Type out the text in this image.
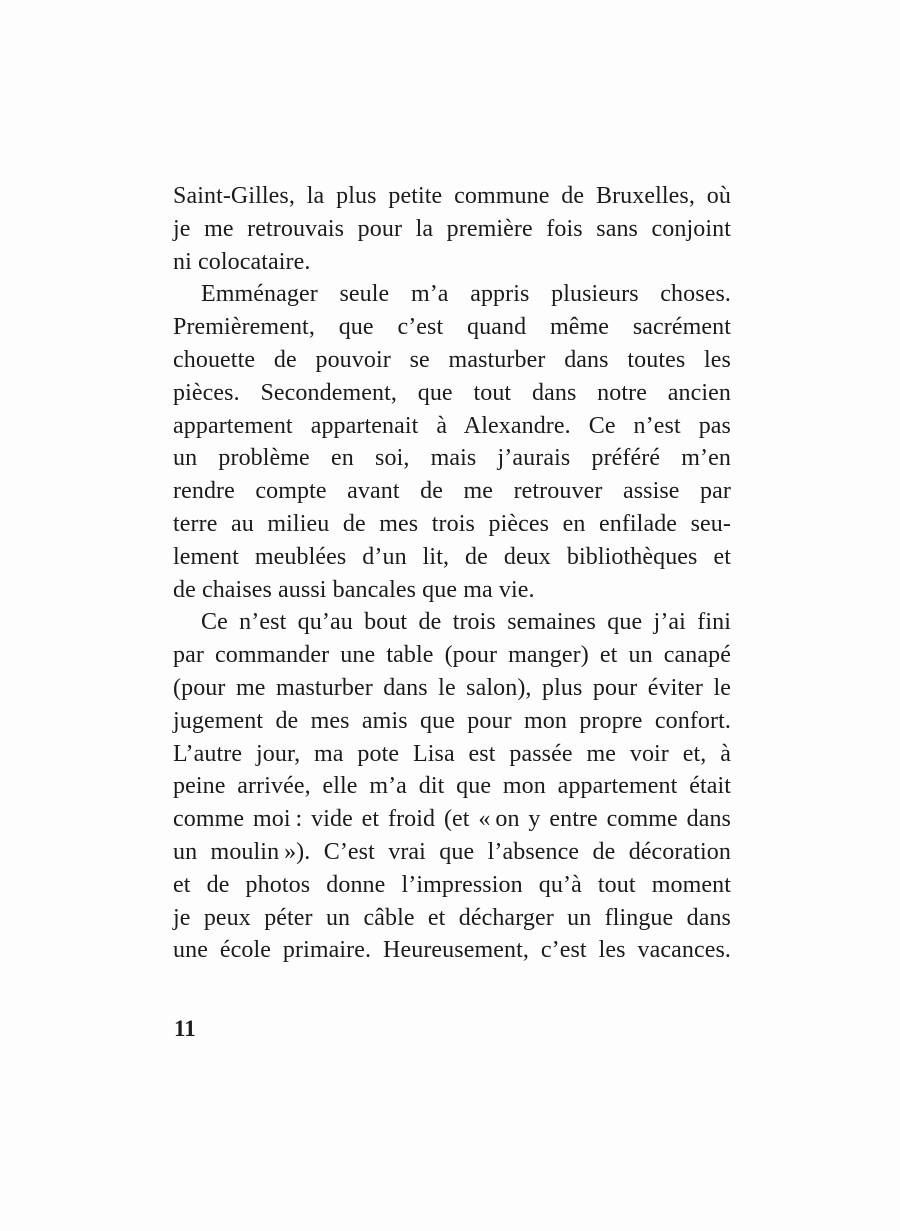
Saint-Gilles, la plus petite commune de Bruxelles, où
je me retrouvais pour la première fois sans conjoint
ni colocataire.
Emménager seule m’a appris plusieurs choses.
Premièrement, que c’est quand même sacrément
chouette de pouvoir se masturber dans toutes les
pièces. Secondement, que tout dans notre ancien
appartement appartenait à Alexandre. Ce n’est pas
un problème en soi, mais j’aurais préféré m’en
rendre compte avant de me retrouver assise par
terre au milieu de mes trois pièces en enfilade seu-
lement meublées d’un lit, de deux bibliothèques et
de chaises aussi bancales que ma vie.
Ce n’est qu’au bout de trois semaines que j’ai fini
par commander une table (pour manger) et un canapé
(pour me masturber dans le salon), plus pour éviter le
jugement de mes amis que pour mon propre confort.
L’autre jour, ma pote Lisa est passée me voir et, à
peine arrivée, elle m’a dit que mon appartement était
comme moi : vide et froid (et « on y entre comme dans
un moulin »). C’est vrai que l’absence de décoration
et de photos donne l’impression qu’à tout moment
je peux péter un câble et décharger un flingue dans
une école primaire. Heureusement, c’est les vacances.
11
